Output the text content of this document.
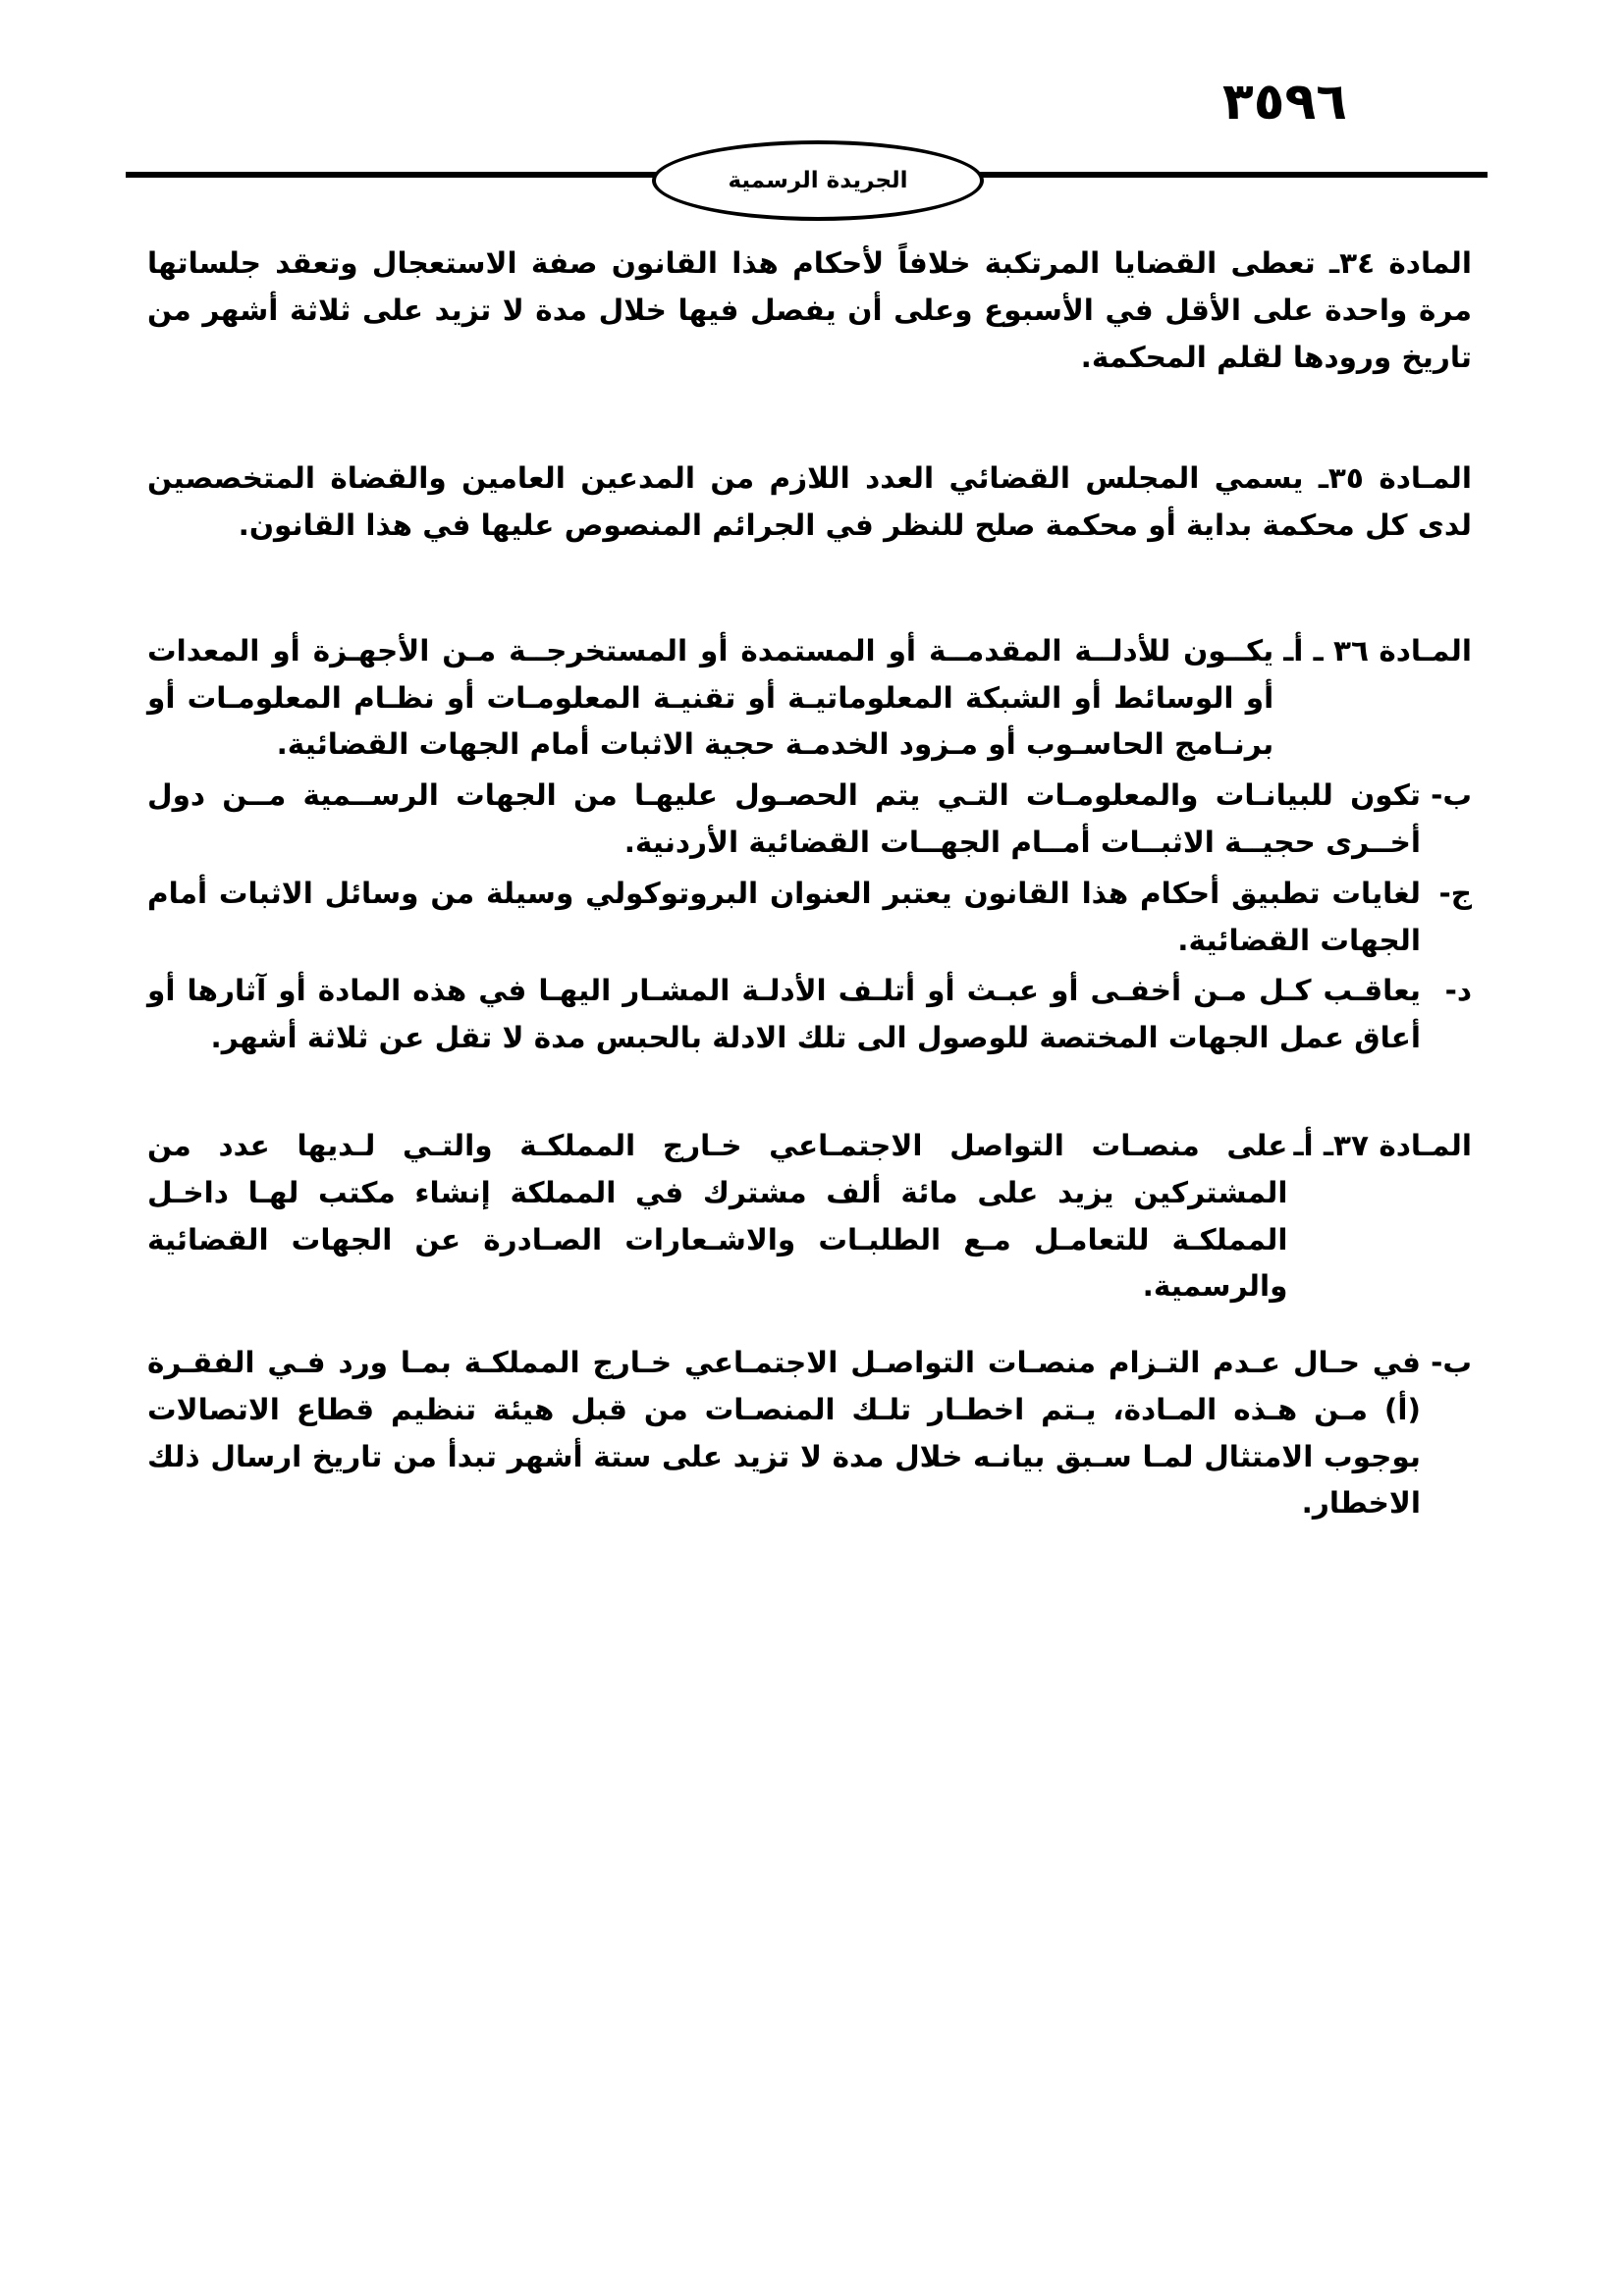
٣٥٩٦
الجريدة الرسمية

المادة ٣٤ـ تعطى القضايا المرتكبة خلافاً لأحكام هذا القانون صفة الاستعجال وتعقد جلساتها مرة واحدة على الأقل في الأسبوع وعلى أن يفصل فيها خلال مدة لا تزيد على ثلاثة أشهر من تاريخ ورودها لقلم المحكمة.

المـادة ٣٥ـ يسمي المجلس القضائي العدد اللازم من المدعين العامين والقضاة المتخصصين لدى كل محكمة بداية أو محكمة صلح للنظر في الجرائم المنصوص عليها في هذا القانون.

المـادة ٣٦ ـ أـ
يكــون للأدلــة المقدمــة أو المستمدة أو المستخرجــة مـن الأجهـزة أو المعدات أو الوسائط أو الشبكة المعلوماتيـة أو تقنيـة المعلومـات أو نظـام المعلومـات أو برنـامج الحاسـوب أو مـزود الخدمـة حجية الاثبات أمام الجهات القضائية.
ب-
تكون للبيانـات والمعلومـات التـي يتم الحصـول عليهـا من الجهات الرســمية مــن دول أخــرى حجيــة الاثبــات أمــام الجهــات القضائية الأردنية.
ج-
لغايات تطبيق أحكام هذا القانون يعتبر العنوان البروتوكولي وسيلة من وسائل الاثبات أمام الجهات القضائية.
د-
يعاقـب كـل مـن أخفـى أو عبـث أو أتلـف الأدلـة المشـار اليهـا في هذه المادة أو آثارها أو أعاق عمل الجهات المختصة للوصول الى تلك الادلة بالحبس مدة لا تقل عن ثلاثة أشهر.
المـادة ٣٧ـ أـ
على منصـات التواصل الاجتمـاعي خـارج المملكـة والتـي لـديها عدد من المشتركين يزيد على مائة ألف مشترك في المملكة إنشاء مكتب لهـا داخـل المملكـة للتعامـل مـع الطلبـات والاشـعارات الصـادرة عن الجهات القضائية والرسمية.
ب-
في حـال عـدم التـزام منصـات التواصـل الاجتمـاعي خـارج المملكـة بمـا ورد فـي الفقـرة (أ) مـن هـذه المـادة، يـتم اخطـار تلـك المنصـات من قبل هيئة تنظيم قطاع الاتصالات بوجوب الامتثال لمـا سـبق بيانـه خلال مدة لا تزيد على ستة أشهر تبدأ من تاريخ ارسال ذلك الاخطار.
